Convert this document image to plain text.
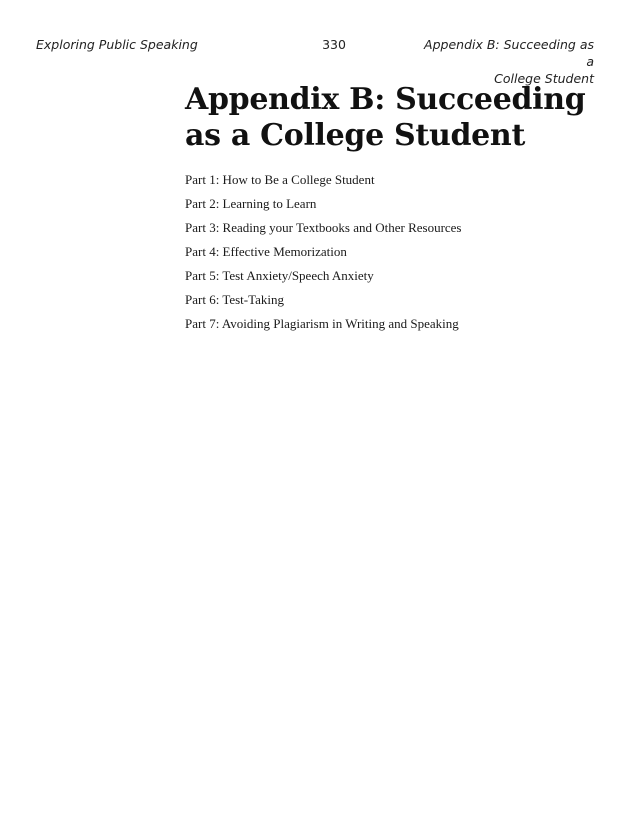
Exploring Public Speaking	330	Appendix B: Succeeding as a
College Student
Appendix B: Succeeding
as a College Student
Part 1: How to Be a College Student
Part 2: Learning to Learn
Part 3: Reading your Textbooks and Other Resources
Part 4: Effective Memorization
Part 5: Test Anxiety/Speech Anxiety
Part 6: Test-Taking
Part 7: Avoiding Plagiarism in Writing and Speaking
